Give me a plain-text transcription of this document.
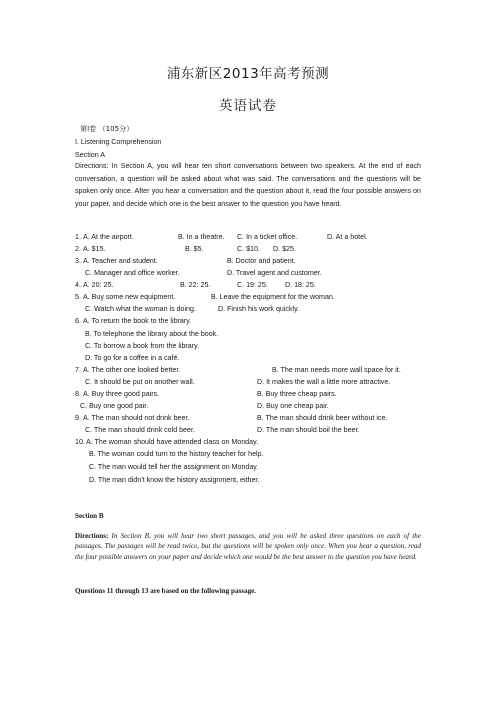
浦东新区2013年高考预测
英语试卷
第I卷 （105分）
I. Listening Comprehension
Section A
Directions: In Section A, you will hear ten short conversations between two speakers. At the end of each conversation, a question will be asked about what was said. The conversations and the questions will be spoken only once. After you hear a conversation and the question about it, read the four possible answers on your paper, and decide which one is the best answer to the question you have heard.
1. A. At the airport.	B. In a theatre. C. In a ticket office.	D. At a hotel.
2. A. $15.	B. $5.	C. $10. D. $25.
3. A. Teacher and student.	B. Doctor and patient.
C. Manager and office worker.	D. Travel agent and customer.
4. A. 20: 25.	B. 22: 25.	C. 19: 25. D. 18: 25.
5. A. Buy some new equipment.	B. Leave the equipment for the woman.
C. Watch what the woman is doing.	D. Finish his work quickly.
6. A. To return the book to the library.
B. To telephone the library about the book.
C. To borrow a book from the library.
D. To go for a coffee in a café.
7. A. The other one looked better.	B. The man needs more wall space for it.
C. It should be put on another wall.	D. It makes the wall a little more attractive.
8. A. Buy three good pairs.	B. Buy three cheap pairs.
C. Buy one good pair.	D. Buy one cheap pair.
9. A. The man should not drink beer.	B. The man should drink beer without ice.
C. The man should drink cold beer.	D. The man should boil the beer.
10. A. The woman should have attended class on Monday.
B. The woman could turn to the history teacher for help.
C. The man would tell her the assignment on Monday.
D. The man didn't know the history assignment, either.
Section B
Directions: In Section B, you will hear two short passages, and you will be asked three questions on each of the passages. The passages will be read twice, but the questions will be spoken only once. When you hear a question, read the four possible answers on your paper and decide which one would be the best answer to the question you have heard.
Questions 11 through 13 are based on the following passage.
